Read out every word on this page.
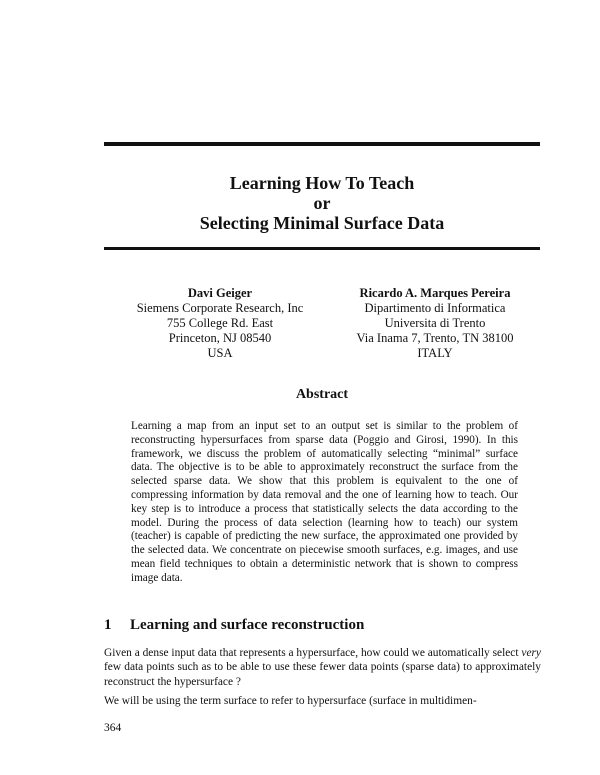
Learning How To Teach
or
Selecting Minimal Surface Data
Davi Geiger
Siemens Corporate Research, Inc
755 College Rd. East
Princeton, NJ 08540
USA
Ricardo A. Marques Pereira
Dipartimento di Informatica
Universita di Trento
Via Inama 7, Trento, TN 38100
ITALY
Abstract
Learning a map from an input set to an output set is similar to the problem of reconstructing hypersurfaces from sparse data (Poggio and Girosi, 1990). In this framework, we discuss the problem of automatically selecting “minimal” surface data. The objective is to be able to approximately reconstruct the surface from the selected sparse data. We show that this problem is equivalent to the one of compressing information by data removal and the one of learning how to teach. Our key step is to introduce a process that statistically selects the data according to the model. During the process of data selection (learning how to teach) our system (teacher) is capable of predicting the new surface, the approximated one provided by the selected data. We concentrate on piecewise smooth surfaces, e.g. images, and use mean field techniques to obtain a deterministic network that is shown to compress image data.
1 Learning and surface reconstruction
Given a dense input data that represents a hypersurface, how could we automatically select very few data points such as to be able to use these fewer data points (sparse data) to approximately reconstruct the hypersurface ?
We will be using the term surface to refer to hypersurface (surface in multidimen-
364
